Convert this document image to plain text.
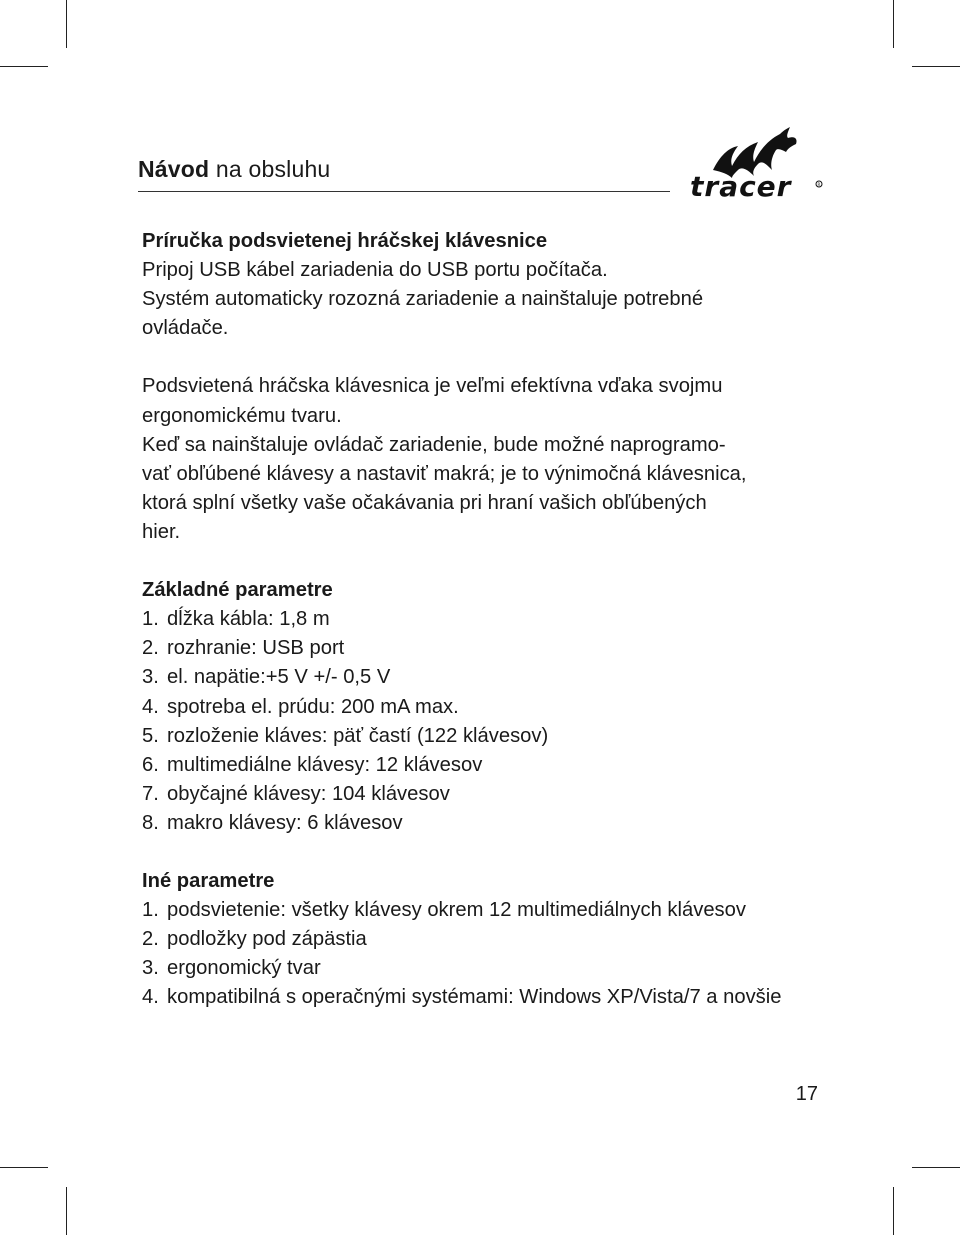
Návod na obsluhu
tracer	R

Príručka podsvietenej hráčskej klávesnice

Pripoj USB kábel zariadenia do USB portu počítača.

Systém automaticky rozozná zariadenie a nainštaluje potrebné

ovládače.

Podsvietená hráčska klávesnica je veľmi efektívna vďaka svojmu

ergonomickému tvaru.

Keď sa nainštaluje ovládač zariadenie, bude možné naprogramo-

vať obľúbené klávesy a nastaviť makrá; je to výnimočná klávesnica,

ktorá splní všetky vaše očakávania pri hraní vašich obľúbených

hier.

Základné parametre

1. dĺžka kábla: 1,8 m
2. rozhranie: USB port
3. el. napätie:+5 V +/- 0,5 V
4. spotreba el. prúdu: 200 mA max.
5. rozloženie kláves: päť častí (122 klávesov)
6. multimediálne klávesy: 12 klávesov
7. obyčajné klávesy: 104 klávesov
8. makro klávesy: 6 klávesov

Iné parametre

1. podsvietenie: všetky klávesy okrem 12 multimediálnych klávesov
2. podložky pod zápästia
3. ergonomický tvar
4. kompatibilná s operačnými systémami: Windows XP/Vista/7 a novšie
17
